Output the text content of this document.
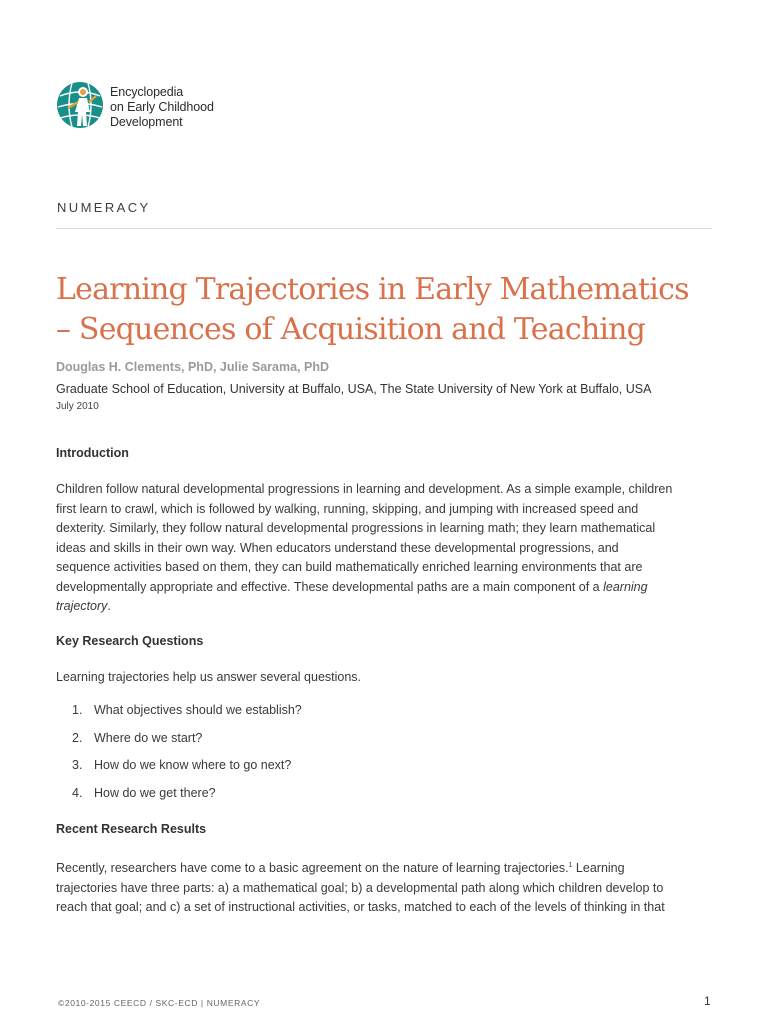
Encyclopedia
on Early Childhood
Development
NUMERACY
Learning Trajectories in Early Mathematics
– Sequences of Acquisition and Teaching
Douglas H. Clements, PhD, Julie Sarama, PhD
Graduate School of Education, University at Buffalo, USA, The State University of New York at Buffalo, USA
July 2010
Introduction
Children follow natural developmental progressions in learning and development. As a simple example, children
first learn to crawl, which is followed by walking, running, skipping, and jumping with increased speed and
dexterity. Similarly, they follow natural developmental progressions in learning math; they learn mathematical
ideas and skills in their own way. When educators understand these developmental progressions, and
sequence activities based on them, they can build mathematically enriched learning environments that are
developmentally appropriate and effective. These developmental paths are a main component of a learning
trajectory.
Key Research Questions
Learning trajectories help us answer several questions.
1. What objectives should we establish?
2. Where do we start?
3. How do we know where to go next?
4. How do we get there?
Recent Research Results
Recently, researchers have come to a basic agreement on the nature of learning trajectories.$^1$ Learning
trajectories have three parts: a) a mathematical goal; b) a developmental path along which children develop to
reach that goal; and c) a set of instructional activities, or tasks, matched to each of the levels of thinking in that
©2010-2015 CEECD / SKC-ECD | NUMERACY	1
